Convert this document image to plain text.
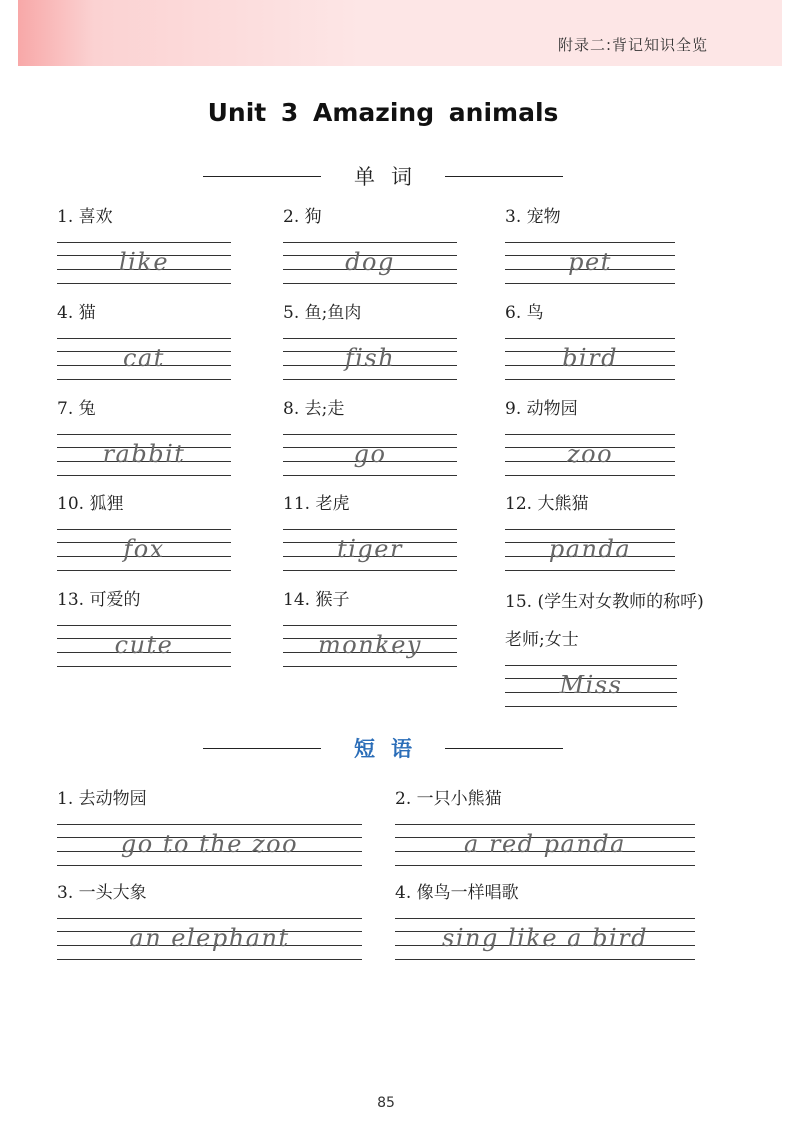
附录二:背记知识全览
Unit 3 Amazing animals
单词
1. 喜欢
like
2. 狗
dog
3. 宠物
pet
4. 猫
cat
5. 鱼;鱼肉
fish
6. 鸟
bird
7. 兔
rabbit
8. 去;走
go
9. 动物园
zoo
10. 狐狸
fox
11. 老虎
tiger
12. 大熊猫
panda
13. 可爱的
cute
14. 猴子
monkey
15. (学生对女教师的称呼)老师;女士
Miss
短语
1. 去动物园
go to the zoo
2. 一只小熊猫
a red panda
3. 一头大象
an elephant
4. 像鸟一样唱歌
sing like a bird
85
